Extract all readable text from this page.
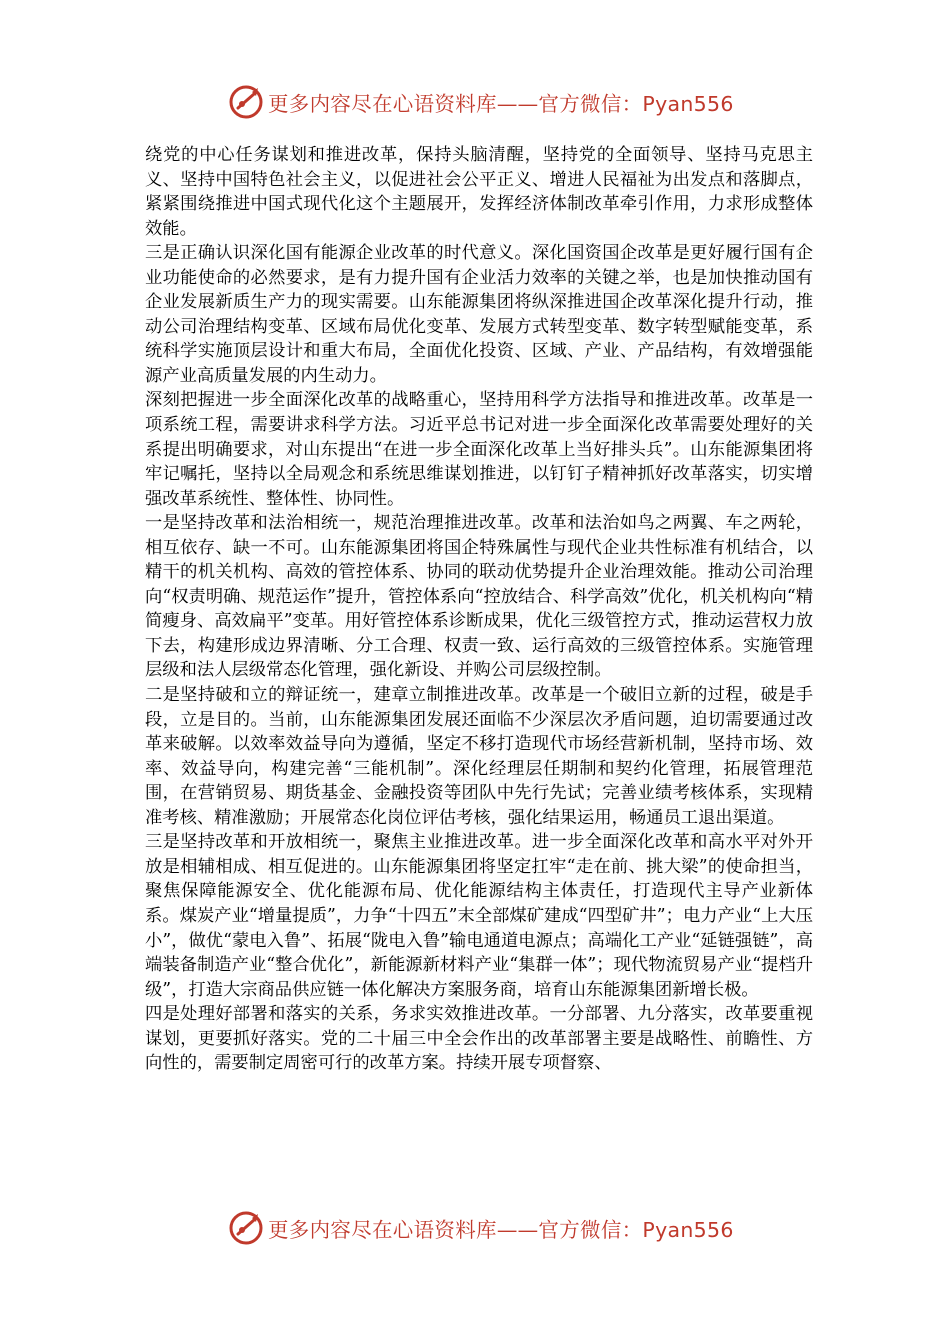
更多内容尽在心语资料库——官方微信：Pyan556

绕党的中心任务谋划和推进改革，保持头脑清醒，坚持党的全面领导、坚持马克思主义、坚持中国特色社会主义，以促进社会公平正义、增进人民福祉为出发点和落脚点，紧紧围绕推进中国式现代化这个主题展开，发挥经济体制改革牵引作用，力求形成整体效能。

三是正确认识深化国有能源企业改革的时代意义。深化国资国企改革是更好履行国有企业功能使命的必然要求，是有力提升国有企业活力效率的关键之举，也是加快推动国有企业发展新质生产力的现实需要。山东能源集团将纵深推进国企改革深化提升行动，推动公司治理结构变革、区域布局优化变革、发展方式转型变革、数字转型赋能变革，系统科学实施顶层设计和重大布局，全面优化投资、区域、产业、产品结构，有效增强能源产业高质量发展的内生动力。

深刻把握进一步全面深化改革的战略重心，坚持用科学方法指导和推进改革。改革是一项系统工程，需要讲求科学方法。习近平总书记对进一步全面深化改革需要处理好的关系提出明确要求，对山东提出“在进一步全面深化改革上当好排头兵”。山东能源集团将牢记嘱托，坚持以全局观念和系统思维谋划推进，以钉钉子精神抓好改革落实，切实增强改革系统性、整体性、协同性。

一是坚持改革和法治相统一，规范治理推进改革。改革和法治如鸟之两翼、车之两轮，相互依存、缺一不可。山东能源集团将国企特殊属性与现代企业共性标准有机结合，以精干的机关机构、高效的管控体系、协同的联动优势提升企业治理效能。推动公司治理向“权责明确、规范运作”提升，管控体系向“控放结合、科学高效”优化，机关机构向“精简瘦身、高效扁平”变革。用好管控体系诊断成果，优化三级管控方式，推动运营权力放下去，构建形成边界清晰、分工合理、权责一致、运行高效的三级管控体系。实施管理层级和法人层级常态化管理，强化新设、并购公司层级控制。

二是坚持破和立的辩证统一，建章立制推进改革。改革是一个破旧立新的过程，破是手段，立是目的。当前，山东能源集团发展还面临不少深层次矛盾问题，迫切需要通过改革来破解。以效率效益导向为遵循，坚定不移打造现代市场经营新机制，坚持市场、效率、效益导向，构建完善“三能机制”。深化经理层任期制和契约化管理，拓展管理范围，在营销贸易、期货基金、金融投资等团队中先行先试；完善业绩考核体系，实现精准考核、精准激励；开展常态化岗位评估考核，强化结果运用，畅通员工退出渠道。

三是坚持改革和开放相统一，聚焦主业推进改革。进一步全面深化改革和高水平对外开放是相辅相成、相互促进的。山东能源集团将坚定扛牢“走在前、挑大梁”的使命担当，聚焦保障能源安全、优化能源布局、优化能源结构主体责任，打造现代主导产业新体系。煤炭产业“增量提质”，力争“十四五”末全部煤矿建成“四型矿井”；电力产业“上大压小”，做优“蒙电入鲁”、拓展“陇电入鲁”输电通道电源点；高端化工产业“延链强链”，高端装备制造产业“整合优化”，新能源新材料产业“集群一体”；现代物流贸易产业“提档升级”，打造大宗商品供应链一体化解决方案服务商，培育山东能源集团新增长极。

四是处理好部署和落实的关系，务求实效推进改革。一分部署、九分落实，改革要重视谋划，更要抓好落实。党的二十届三中全会作出的改革部署主要是战略性、前瞻性、方向性的，需要制定周密可行的改革方案。持续开展专项督察、

更多内容尽在心语资料库——官方微信：Pyan556
